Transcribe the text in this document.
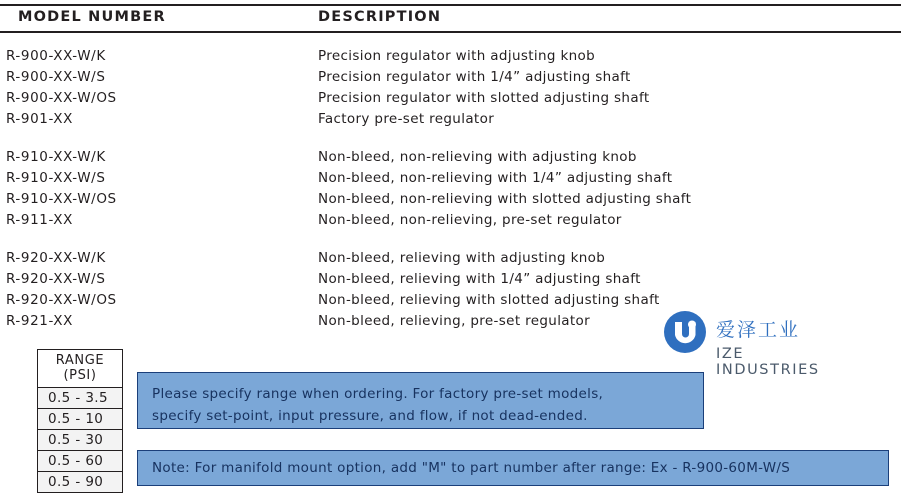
MODEL NUMBER	DESCRIPTION
R-900-XX-W/K	Precision regulator with adjusting knob
R-900-XX-W/S	Precision regulator with 1/4” adjusting shaft
R-900-XX-W/OS	Precision regulator with slotted adjusting shaft
R-901-XX	Factory pre-set regulator
R-910-XX-W/K	Non-bleed, non-relieving with adjusting knob
R-910-XX-W/S	Non-bleed, non-relieving with 1/4” adjusting shaft
R-910-XX-W/OS	Non-bleed, non-relieving with slotted adjusting shaft
R-911-XX	Non-bleed, non-relieving, pre-set regulator
R-920-XX-W/K	Non-bleed, relieving with adjusting knob
R-920-XX-W/S	Non-bleed, relieving with 1/4” adjusting shaft
R-920-XX-W/OS	Non-bleed, relieving with slotted adjusting shaft
R-921-XX	Non-bleed, relieving, pre-set regulator
RANGE
(PSI)
0.5 - 3.5
0.5 - 10
0.5 - 30
0.5 - 60
0.5 - 90
Please specify range when ordering. For factory pre-set models,
specify set-point, input pressure, and flow, if not dead-ended.
Note: For manifold mount option, add "M" to part number after range: Ex - R-900-60M-W/S
爱泽工业
IZE INDUSTRIES
